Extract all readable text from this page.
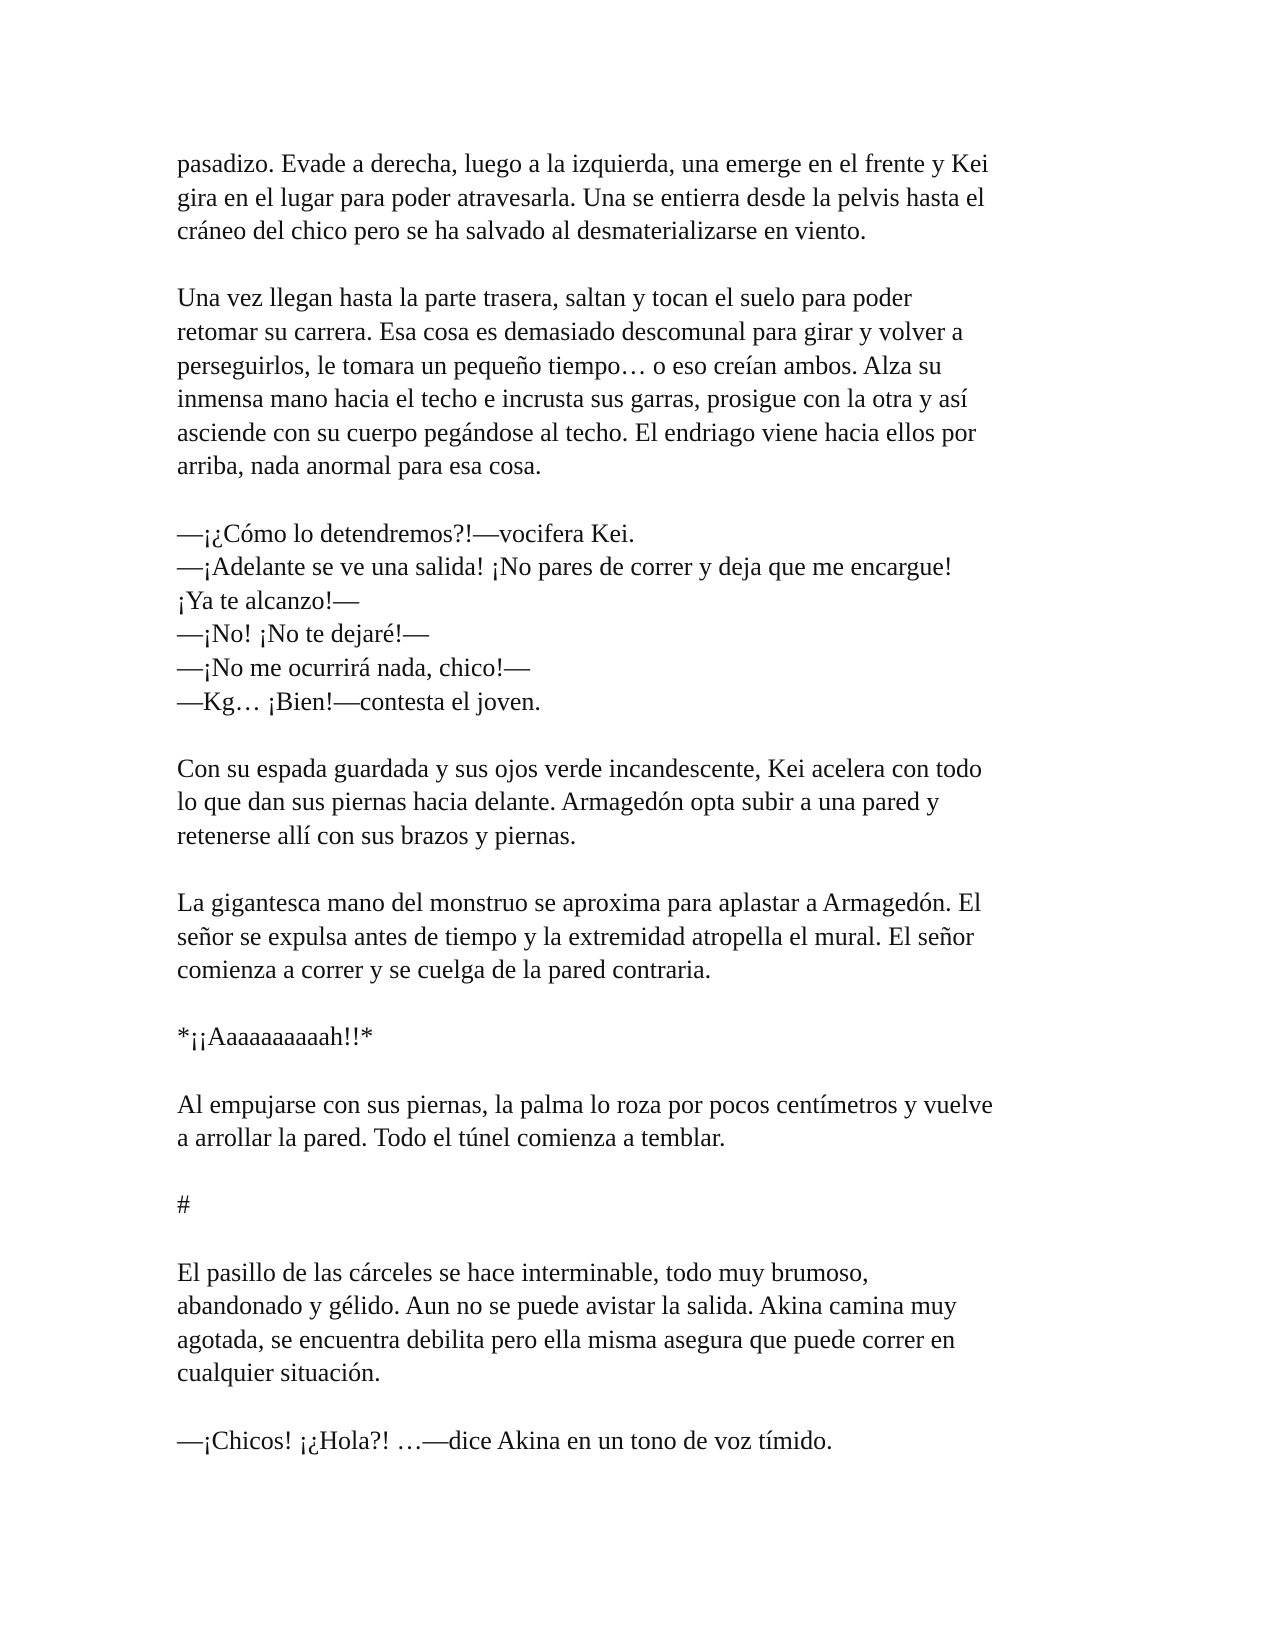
pasadizo. Evade a derecha, luego a la izquierda, una emerge en el frente y Kei
gira en el lugar para poder atravesarla. Una se entierra desde la pelvis hasta el
cráneo del chico pero se ha salvado al desmaterializarse en viento.

Una vez llegan hasta la parte trasera, saltan y tocan el suelo para poder
retomar su carrera. Esa cosa es demasiado descomunal para girar y volver a
perseguirlos, le tomara un pequeño tiempo… o eso creían ambos. Alza su
inmensa mano hacia el techo e incrusta sus garras, prosigue con la otra y así
asciende con su cuerpo pegándose al techo. El endriago viene hacia ellos por
arriba, nada anormal para esa cosa.

—¡¿Cómo lo detendremos?!—vocifera Kei.
—¡Adelante se ve una salida! ¡No pares de correr y deja que me encargue!
¡Ya te alcanzo!—
—¡No! ¡No te dejaré!—
—¡No me ocurrirá nada, chico!—
—Kg… ¡Bien!—contesta el joven.

Con su espada guardada y sus ojos verde incandescente, Kei acelera con todo
lo que dan sus piernas hacia delante. Armagedón opta subir a una pared y
retenerse allí con sus brazos y piernas.

La gigantesca mano del monstruo se aproxima para aplastar a Armagedón. El
señor se expulsa antes de tiempo y la extremidad atropella el mural. El señor
comienza a correr y se cuelga de la pared contraria.

*¡¡Aaaaaaaaaah!!*

Al empujarse con sus piernas, la palma lo roza por pocos centímetros y vuelve
a arrollar la pared. Todo el túnel comienza a temblar.

#

El pasillo de las cárceles se hace interminable, todo muy brumoso,
abandonado y gélido. Aun no se puede avistar la salida. Akina camina muy
agotada, se encuentra debilita pero ella misma asegura que puede correr en
cualquier situación.

—¡Chicos! ¡¿Hola?! …—dice Akina en un tono de voz tímido.
